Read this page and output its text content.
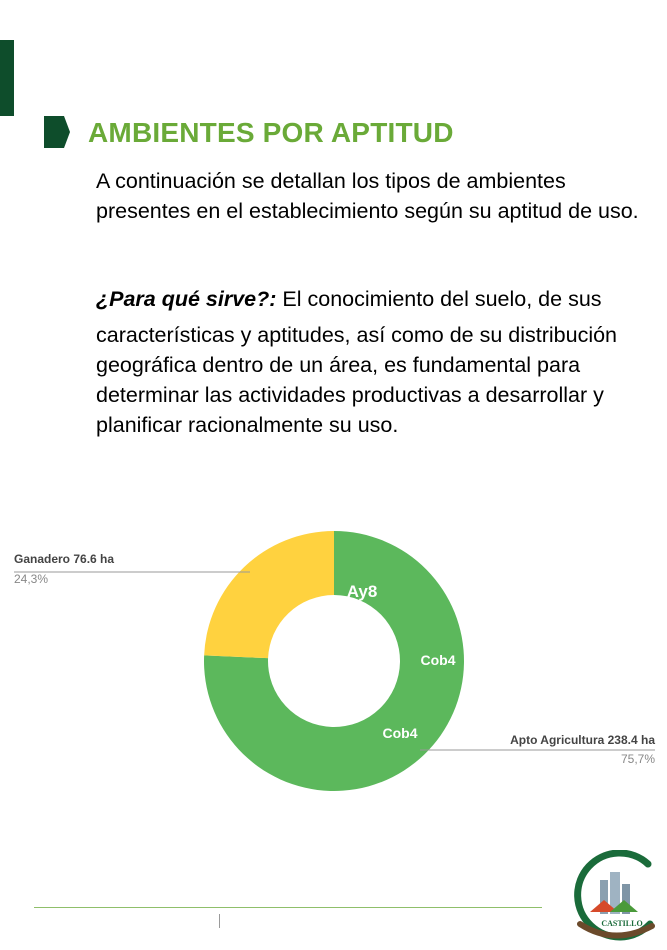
AMBIENTES POR APTITUD

A continuación se detallan los tipos de ambientes presentes en el establecimiento según su aptitud de uso.

¿Para qué sirve?: El conocimiento del suelo, de sus

características y aptitudes, así como de su distribución geográfica dentro de un área, es fundamental para determinar las actividades productivas a desarrollar y planificar racionalmente su uso.

Ganadero 76.6 ha
24,3%
Apto Agricultura 238.4 ha
75,7%
Ay8
Cob4
Cob4
CASTILLO
